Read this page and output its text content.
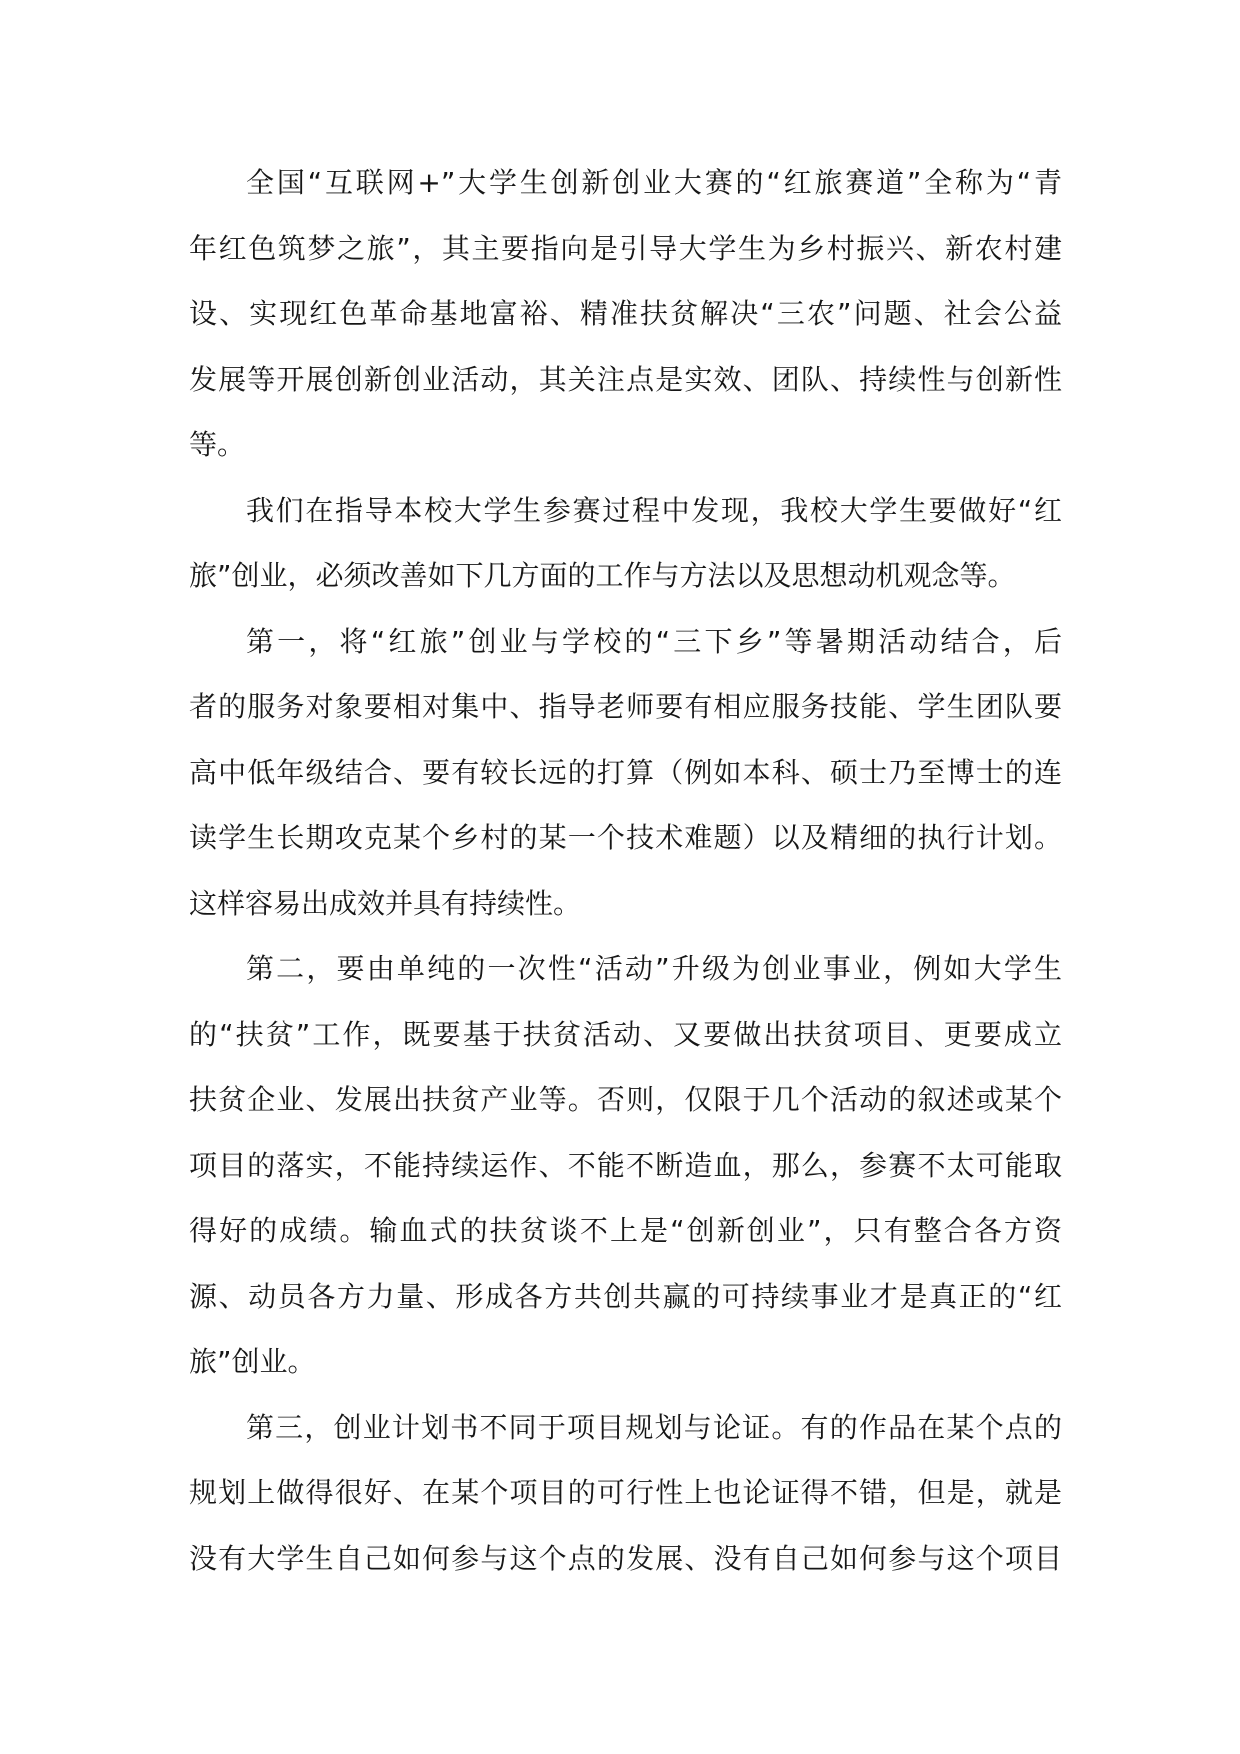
全国“互联网+”大学生创新创业大赛的“红旅赛道”全称为“青
年红色筑梦之旅”，其主要指向是引导大学生为乡村振兴、新农村建
设、实现红色革命基地富裕、精准扶贫解决“三农”问题、社会公益
发展等开展创新创业活动，其关注点是实效、团队、持续性与创新性
等。
我们在指导本校大学生参赛过程中发现，我校大学生要做好“红
旅”创业，必须改善如下几方面的工作与方法以及思想动机观念等。
第一，将“红旅”创业与学校的“三下乡”等暑期活动结合，后
者的服务对象要相对集中、指导老师要有相应服务技能、学生团队要
高中低年级结合、要有较长远的打算（例如本科、硕士乃至博士的连
读学生长期攻克某个乡村的某一个技术难题）以及精细的执行计划。
这样容易出成效并具有持续性。
第二，要由单纯的一次性“活动”升级为创业事业，例如大学生
的“扶贫”工作，既要基于扶贫活动、又要做出扶贫项目、更要成立
扶贫企业、发展出扶贫产业等。否则，仅限于几个活动的叙述或某个
项目的落实，不能持续运作、不能不断造血，那么，参赛不太可能取
得好的成绩。输血式的扶贫谈不上是“创新创业”，只有整合各方资
源、动员各方力量、形成各方共创共赢的可持续事业才是真正的“红
旅”创业。
第三，创业计划书不同于项目规划与论证。有的作品在某个点的
规划上做得很好、在某个项目的可行性上也论证得不错，但是，就是
没有大学生自己如何参与这个点的发展、没有自己如何参与这个项目
